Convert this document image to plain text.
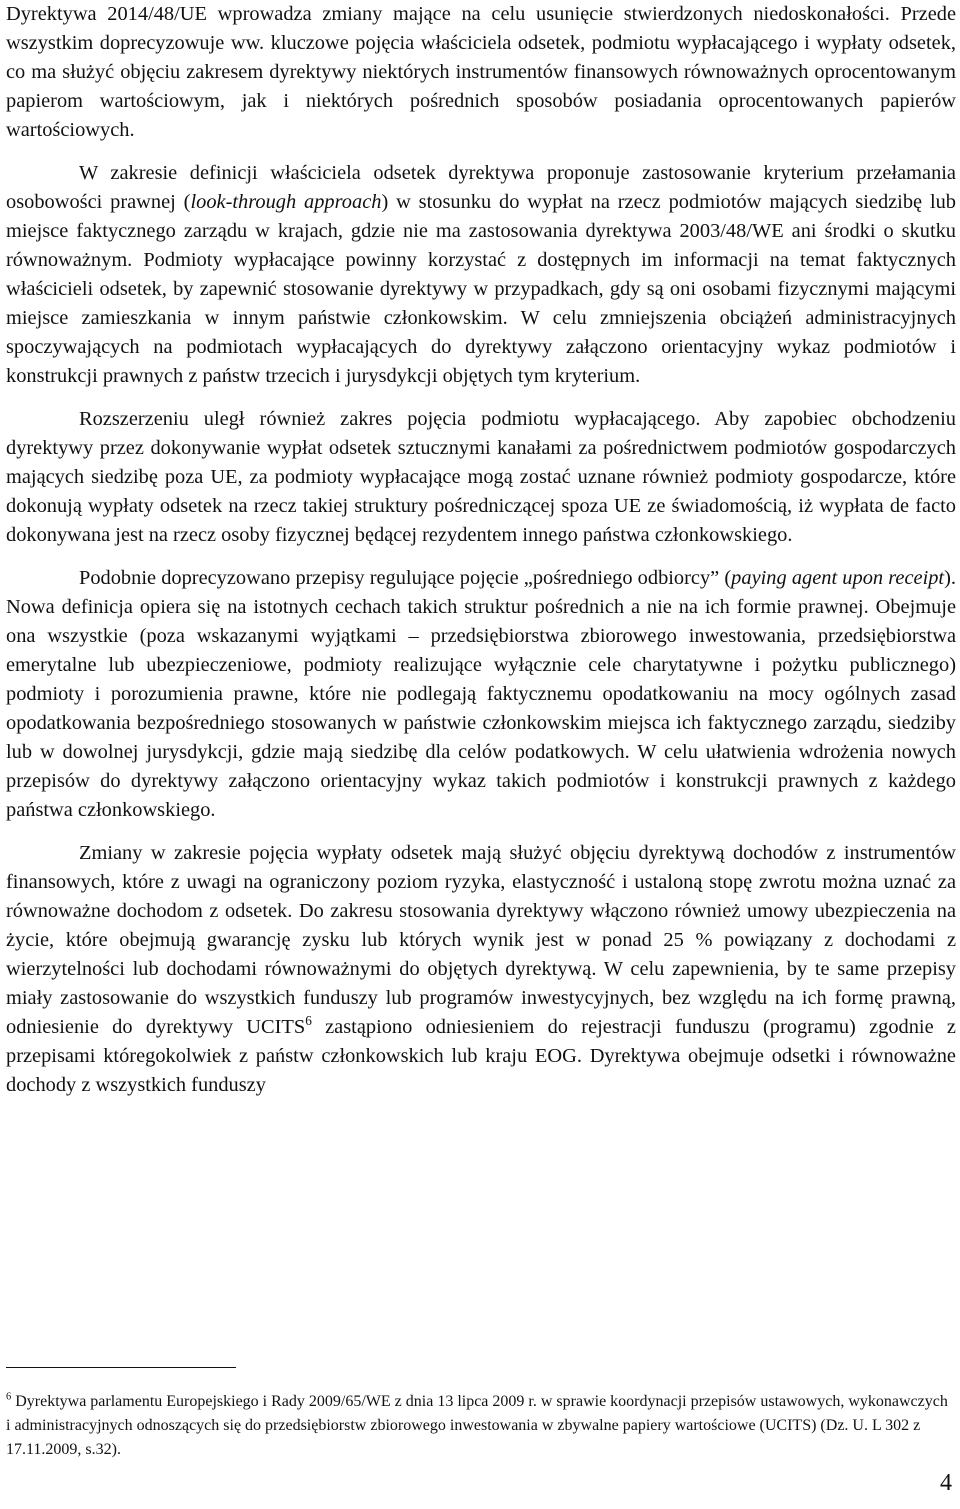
Dyrektywa 2014/48/UE wprowadza zmiany mające na celu usunięcie stwierdzonych niedoskonałości. Przede wszystkim doprecyzowuje ww. kluczowe pojęcia właściciela odsetek, podmiotu wypłacającego i wypłaty odsetek, co ma służyć objęciu zakresem dyrektywy niektórych instrumentów finansowych równoważnych oprocentowanym papierom wartościowym, jak i niektórych pośrednich sposobów posiadania oprocentowanych papierów wartościowych.

W zakresie definicji właściciela odsetek dyrektywa proponuje zastosowanie kryterium przełamania osobowości prawnej (look-through approach) w stosunku do wypłat na rzecz podmiotów mających siedzibę lub miejsce faktycznego zarządu w krajach, gdzie nie ma zastosowania dyrektywa 2003/48/WE ani środki o skutku równoważnym. Podmioty wypłacające powinny korzystać z dostępnych im informacji na temat faktycznych właścicieli odsetek, by zapewnić stosowanie dyrektywy w przypadkach, gdy są oni osobami fizycznymi mającymi miejsce zamieszkania w innym państwie członkowskim. W celu zmniejszenia obciążeń administracyjnych spoczywających na podmiotach wypłacających do dyrektywy załączono orientacyjny wykaz podmiotów i konstrukcji prawnych z państw trzecich i jurysdykcji objętych tym kryterium.

Rozszerzeniu uległ również zakres pojęcia podmiotu wypłacającego. Aby zapobiec obchodzeniu dyrektywy przez dokonywanie wypłat odsetek sztucznymi kanałami za pośrednictwem podmiotów gospodarczych mających siedzibę poza UE, za podmioty wypłacające mogą zostać uznane również podmioty gospodarcze, które dokonują wypłaty odsetek na rzecz takiej struktury pośredniczącej spoza UE ze świadomością, iż wypłata de facto dokonywana jest na rzecz osoby fizycznej będącej rezydentem innego państwa członkowskiego.

Podobnie doprecyzowano przepisy regulujące pojęcie „pośredniego odbiorcy” (paying agent upon receipt). Nowa definicja opiera się na istotnych cechach takich struktur pośrednich a nie na ich formie prawnej. Obejmuje ona wszystkie (poza wskazanymi wyjątkami – przedsiębiorstwa zbiorowego inwestowania, przedsiębiorstwa emerytalne lub ubezpieczeniowe, podmioty realizujące wyłącznie cele charytatywne i pożytku publicznego) podmioty i porozumienia prawne, które nie podlegają faktycznemu opodatkowaniu na mocy ogólnych zasad opodatkowania bezpośredniego stosowanych w państwie członkowskim miejsca ich faktycznego zarządu, siedziby lub w dowolnej jurysdykcji, gdzie mają siedzibę dla celów podatkowych. W celu ułatwienia wdrożenia nowych przepisów do dyrektywy załączono orientacyjny wykaz takich podmiotów i konstrukcji prawnych z każdego państwa członkowskiego.

Zmiany w zakresie pojęcia wypłaty odsetek mają służyć objęciu dyrektywą dochodów z instrumentów finansowych, które z uwagi na ograniczony poziom ryzyka, elastyczność i ustaloną stopę zwrotu można uznać za równoważne dochodom z odsetek. Do zakresu stosowania dyrektywy włączono również umowy ubezpieczenia na życie, które obejmują gwarancję zysku lub których wynik jest w ponad 25 % powiązany z dochodami z wierzytelności lub dochodami równoważnymi do objętych dyrektywą. W celu zapewnienia, by te same przepisy miały zastosowanie do wszystkich funduszy lub programów inwestycyjnych, bez względu na ich formę prawną, odniesienie do dyrektywy UCITS$^6$ zastąpiono odniesieniem do rejestracji funduszu (programu) zgodnie z przepisami któregokolwiek z państw członkowskich lub kraju EOG. Dyrektywa obejmuje odsetki i równoważne dochody z wszystkich funduszy

$^6$ Dyrektywa parlamentu Europejskiego i Rady 2009/65/WE z dnia 13 lipca 2009 r. w sprawie koordynacji przepisów ustawowych, wykonawczych i administracyjnych odnoszących się do przedsiębiorstw zbiorowego inwestowania w zbywalne papiery wartościowe (UCITS) (Dz. U. L 302 z 17.11.2009, s.32).

4
